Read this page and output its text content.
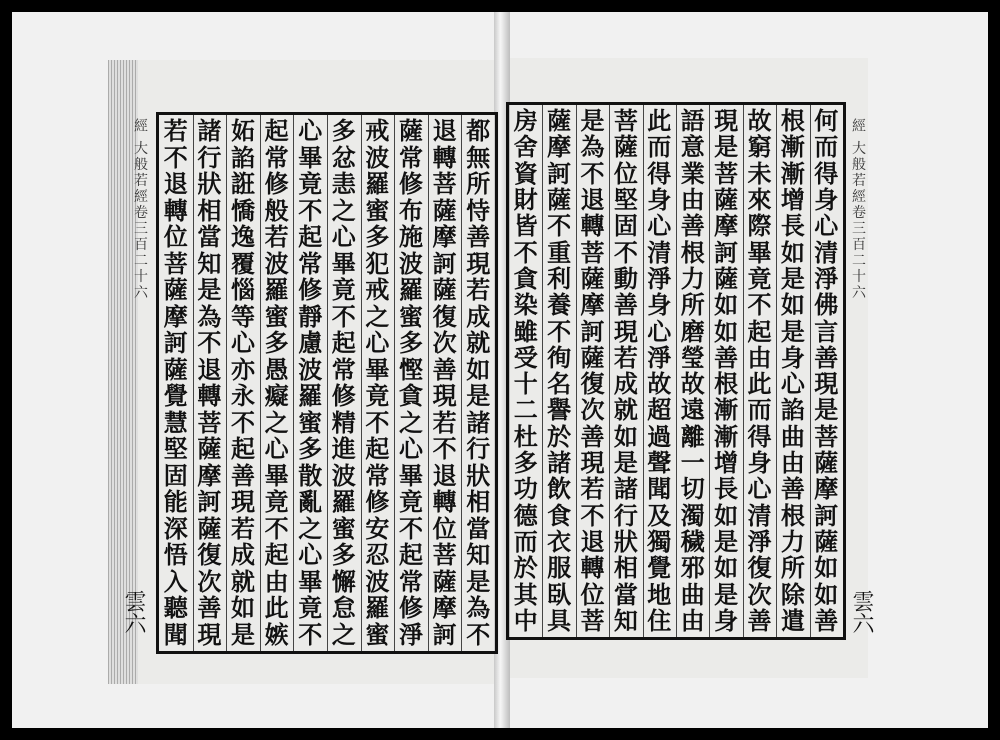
何
而
得
身
心
清
淨
佛
言
善
現
是
菩
薩
摩
訶
薩
如
如
善
根
漸
漸
增
長
如
是
如
是
身
心
諂
曲
由
善
根
力
所
除
遣
故
窮
未
來
際
畢
竟
不
起
由
此
而
得
身
心
清
淨
復
次
善
現
是
菩
薩
摩
訶
薩
如
如
善
根
漸
漸
增
長
如
是
如
是
身
語
意
業
由
善
根
力
所
磨
瑩
故
遠
離
一
切
濁
穢
邪
曲
由
此
而
得
身
心
清
淨
身
心
淨
故
超
過
聲
聞
及
獨
覺
地
住
菩
薩
位
堅
固
不
動
善
現
若
成
就
如
是
諸
行
狀
相
當
知
是
為
不
退
轉
菩
薩
摩
訶
薩
復
次
善
現
若
不
退
轉
位
菩
薩
摩
訶
薩
不
重
利
養
不
徇
名
譽
於
諸
飲
食
衣
服
臥
具
房
舍
資
財
皆
不
貪
染
雖
受
十
二
杜
多
功
德
而
於
其
中
都
無
所
恃
善
現
若
成
就
如
是
諸
行
狀
相
當
知
是
為
不
退
轉
菩
薩
摩
訶
薩
復
次
善
現
若
不
退
轉
位
菩
薩
摩
訶
薩
常
修
布
施
波
羅
蜜
多
慳
貪
之
心
畢
竟
不
起
常
修
淨
戒
波
羅
蜜
多
犯
戒
之
心
畢
竟
不
起
常
修
安
忍
波
羅
蜜
多
忿
恚
之
心
畢
竟
不
起
常
修
精
進
波
羅
蜜
多
懈
怠
之
心
畢
竟
不
起
常
修
靜
慮
波
羅
蜜
多
散
亂
之
心
畢
竟
不
起
常
修
般
若
波
羅
蜜
多
愚
癡
之
心
畢
竟
不
起
由
此
嫉
妬
諂
誑
憍
逸
覆
惱
等
心
亦
永
不
起
善
現
若
成
就
如
是
諸
行
狀
相
當
知
是
為
不
退
轉
菩
薩
摩
訶
薩
復
次
善
現
若
不
退
轉
位
菩
薩
摩
訶
薩
覺
慧
堅
固
能
深
悟
入
聽
聞
經 大般若經卷三百二十六
雲六
經 大般若經卷三百二十六
雲六
